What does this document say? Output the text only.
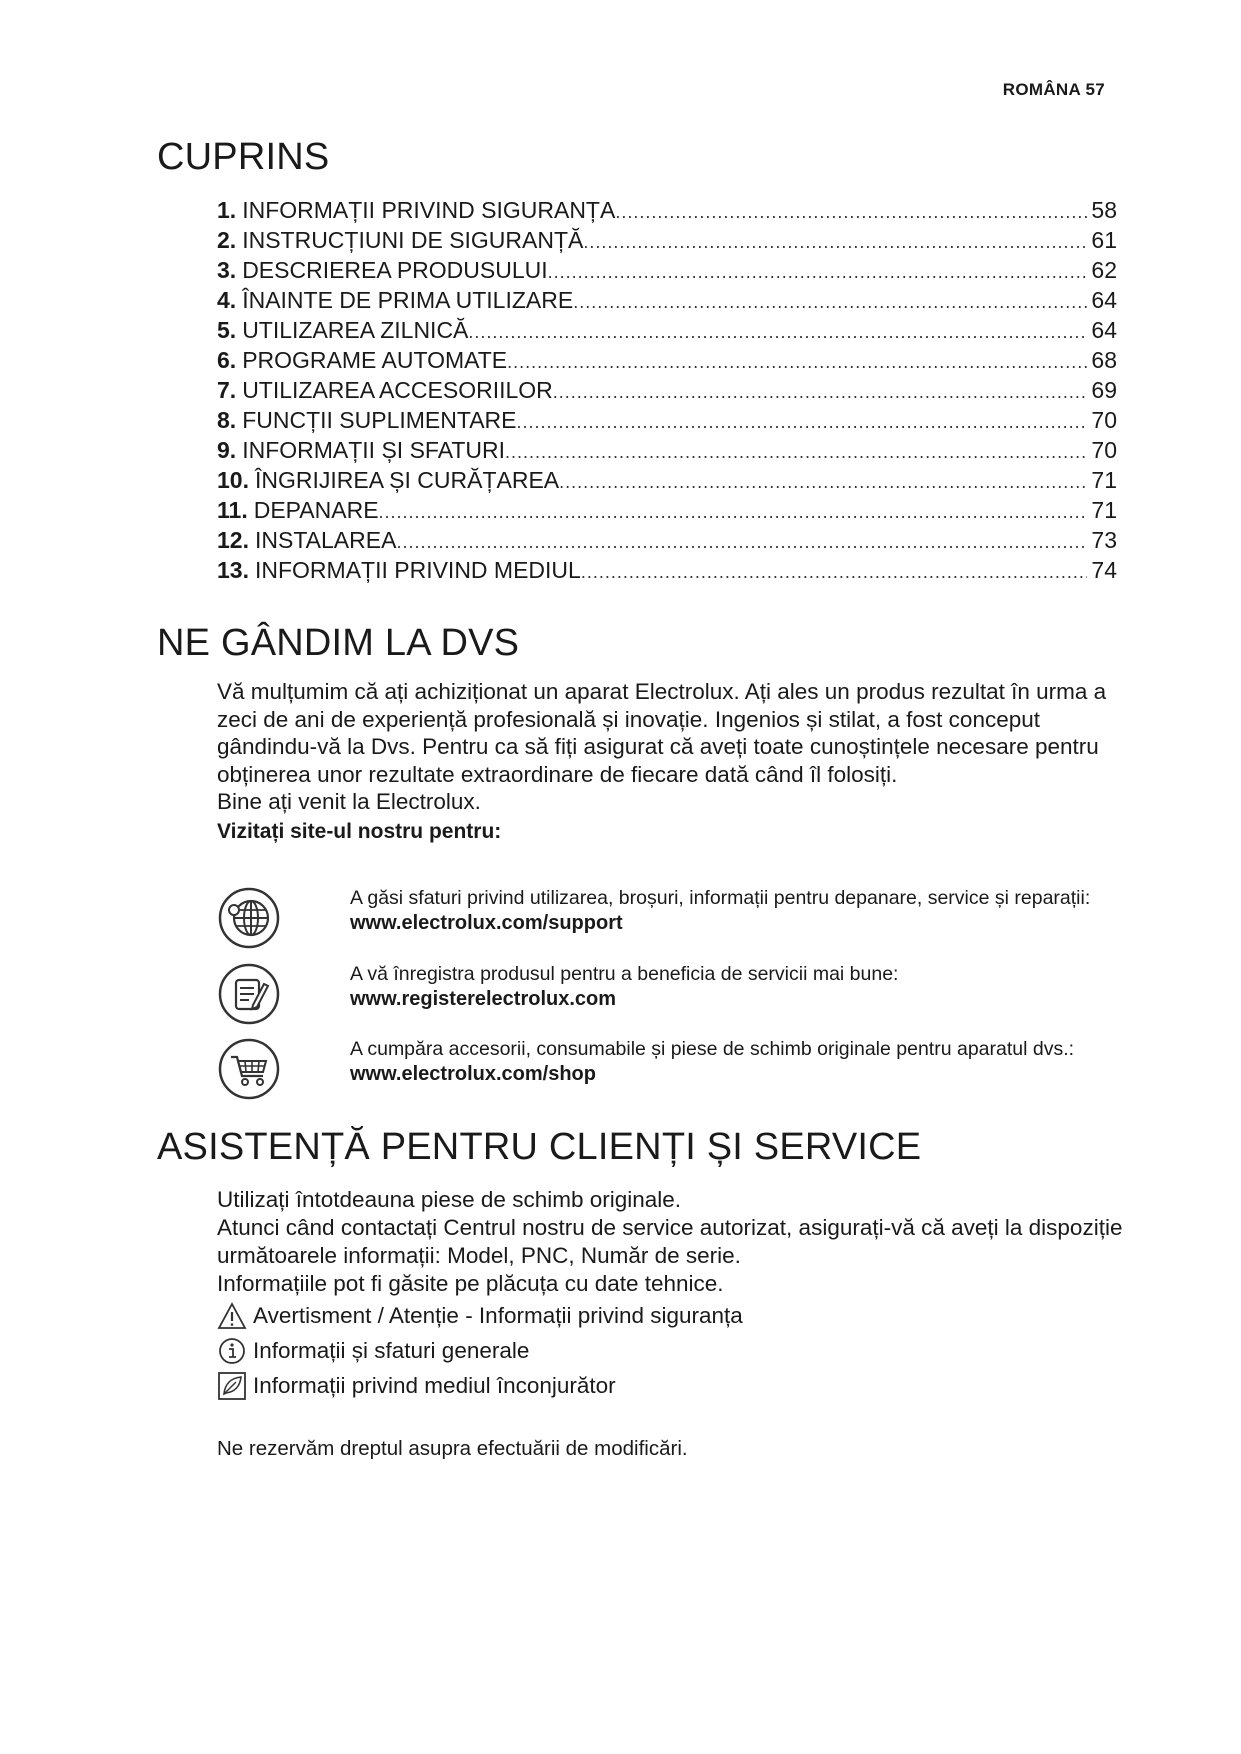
ROMÂNA 57
CUPRINS
1. INFORMAȚII PRIVIND SIGURANȚA .....	58
2. INSTRUCȚIUNI DE SIGURANȚĂ .....	61
3. DESCRIEREA PRODUSULUI .....	62
4. ÎNAINTE DE PRIMA UTILIZARE .....	64
5. UTILIZAREA ZILNICĂ .....	64
6. PROGRAME AUTOMATE .....	68
7. UTILIZAREA ACCESORIILOR .....	69
8. FUNCȚII SUPLIMENTARE .....	70
9. INFORMAȚII ȘI SFATURI .....	70
10. ÎNGRIJIREA ȘI CURĂȚAREA .....	71
11. DEPANARE .....	71
12. INSTALAREA .....	73
13. INFORMAȚII PRIVIND MEDIUL .....	74
NE GÂNDIM LA DVS

Vă mulțumim că ați achiziționat un aparat Electrolux. Ați ales un produs rezultat în urma a zeci de ani de experiență profesională și inovație. Ingenios și stilat, a fost conceput gândindu-vă la Dvs. Pentru ca să fiți asigurat că aveți toate cunoștințele necesare pentru obținerea unor rezultate extraordinare de fiecare dată când îl folosiți.

Bine ați venit la Electrolux.

Vizitați site-ul nostru pentru:

A găsi sfaturi privind utilizarea, broșuri, informații pentru depanare, service și reparații:

www.electrolux.com/support

A vă înregistra produsul pentru a beneficia de servicii mai bune:

www.registerelectrolux.com

A cumpăra accesorii, consumabile și piese de schimb originale pentru aparatul dvs.:

www.electrolux.com/shop

ASISTENȚĂ PENTRU CLIENȚI ȘI SERVICE

Utilizați întotdeauna piese de schimb originale.

Atunci când contactați Centrul nostru de service autorizat, asigurați-vă că aveți la dispoziție următoarele informații: Model, PNC, Număr de serie.

Informațiile pot fi găsite pe plăcuța cu date tehnice.

Avertisment / Atenție - Informații privind siguranța
Informații și sfaturi generale
Informații privind mediul înconjurător

Ne rezervăm dreptul asupra efectuării de modificări.
